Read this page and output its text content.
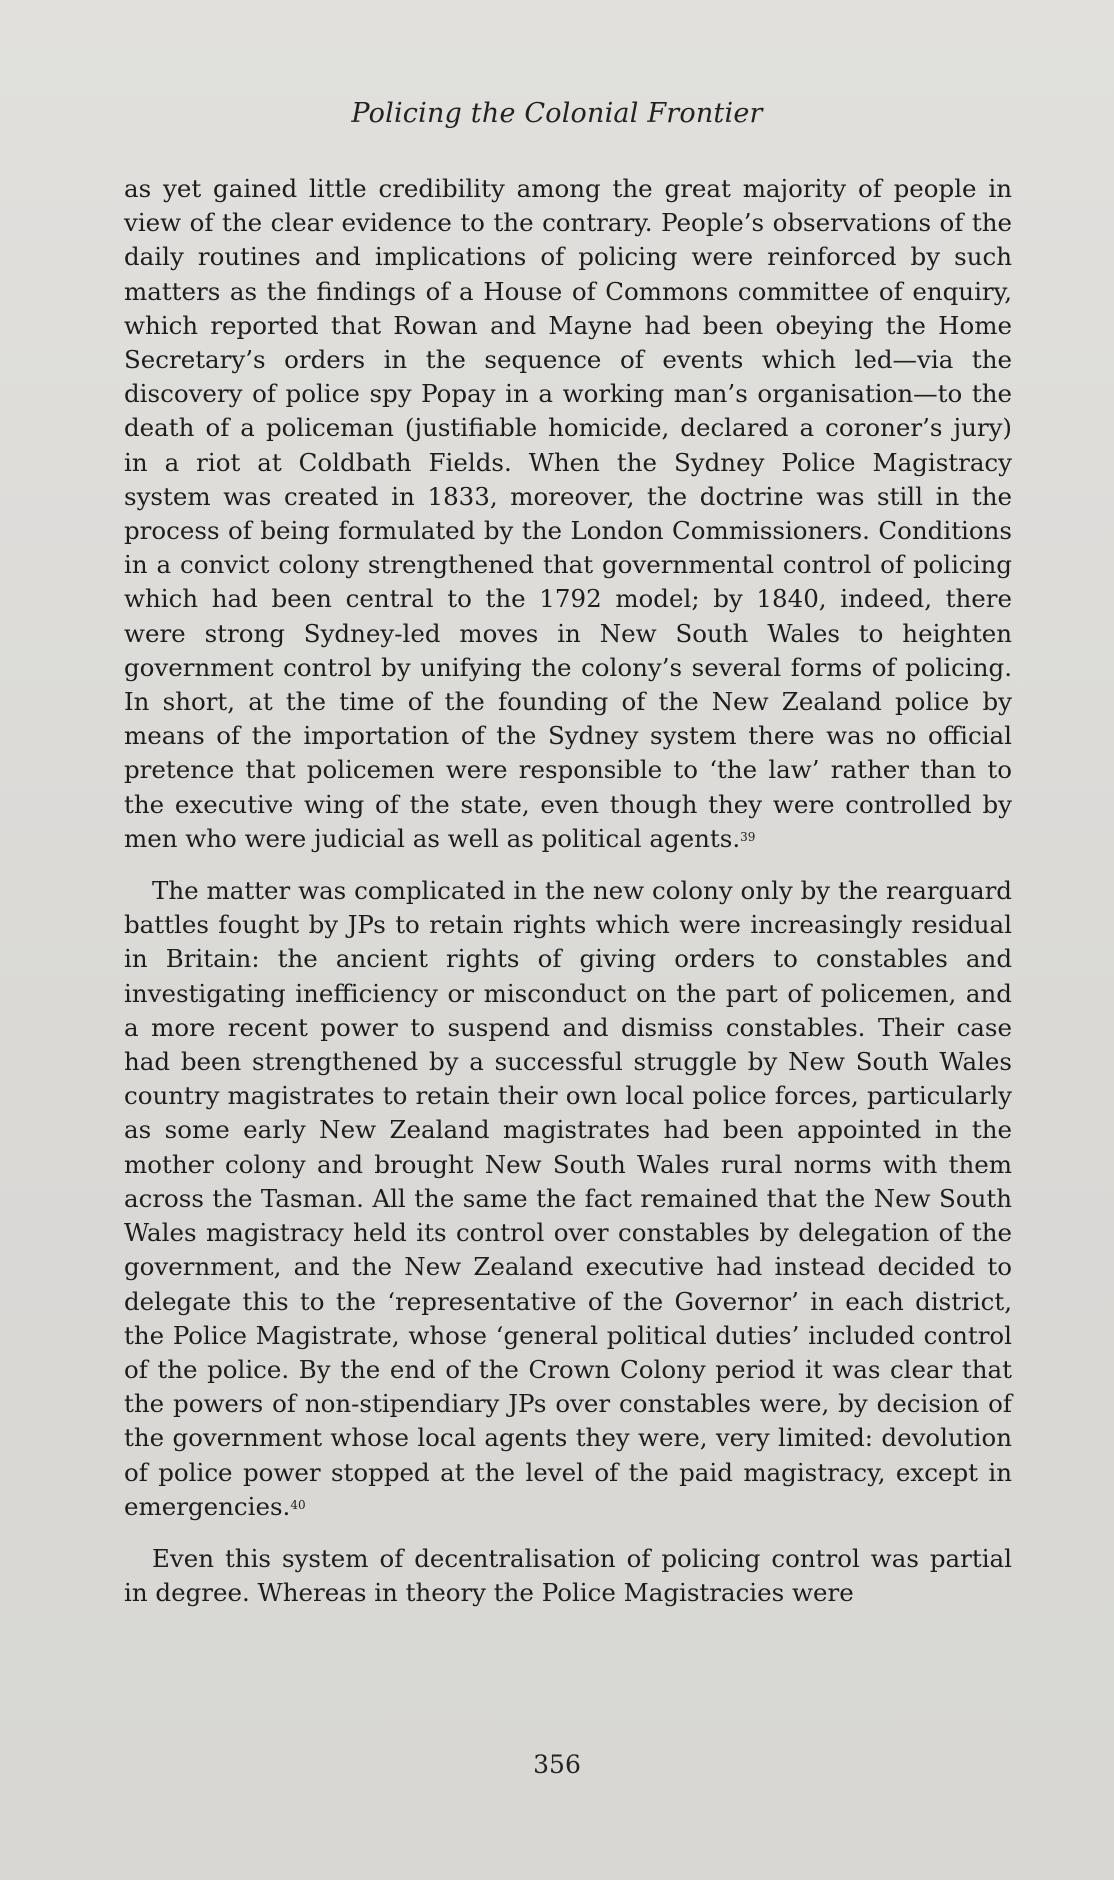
Policing the Colonial Frontier

as yet gained little credibility among the great majority of people in view of the clear evidence to the contrary. People’s observations of the daily routines and implications of policing were reinforced by such matters as the findings of a House of Commons committee of enquiry, which reported that Rowan and Mayne had been obeying the Home Secretary’s orders in the sequence of events which led—via the discovery of police spy Popay in a working man’s organisation—to the death of a policeman (justifiable homicide, declared a coroner’s jury) in a riot at Coldbath Fields. When the Sydney Police Magistracy system was created in 1833, moreover, the doctrine was still in the process of being formulated by the London Commissioners. Conditions in a convict colony strengthened that governmental control of policing which had been central to the 1792 model; by 1840, indeed, there were strong Sydney-led moves in New South Wales to heighten government control by unifying the colony’s several forms of policing. In short, at the time of the founding of the New Zealand police by means of the importation of the Sydney system there was no official pretence that policemen were responsible to ‘the law’ rather than to the executive wing of the state, even though they were controlled by men who were judicial as well as political agents.$^{39}$

The matter was complicated in the new colony only by the rearguard battles fought by JPs to retain rights which were increasingly residual in Britain: the ancient rights of giving orders to constables and investigating inefficiency or misconduct on the part of policemen, and a more recent power to suspend and dismiss constables. Their case had been strengthened by a successful struggle by New South Wales country magistrates to retain their own local police forces, particularly as some early New Zealand magistrates had been appointed in the mother colony and brought New South Wales rural norms with them across the Tasman. All the same the fact remained that the New South Wales magistracy held its control over constables by delegation of the government, and the New Zealand executive had instead decided to delegate this to the ‘representative of the Governor’ in each district, the Police Magistrate, whose ‘general political duties’ included control of the police. By the end of the Crown Colony period it was clear that the powers of non-stipendiary JPs over constables were, by decision of the government whose local agents they were, very limited: devolution of police power stopped at the level of the paid magistracy, except in emergencies.$^{40}$

Even this system of decentralisation of policing control was partial in degree. Whereas in theory the Police Magistracies were

356
